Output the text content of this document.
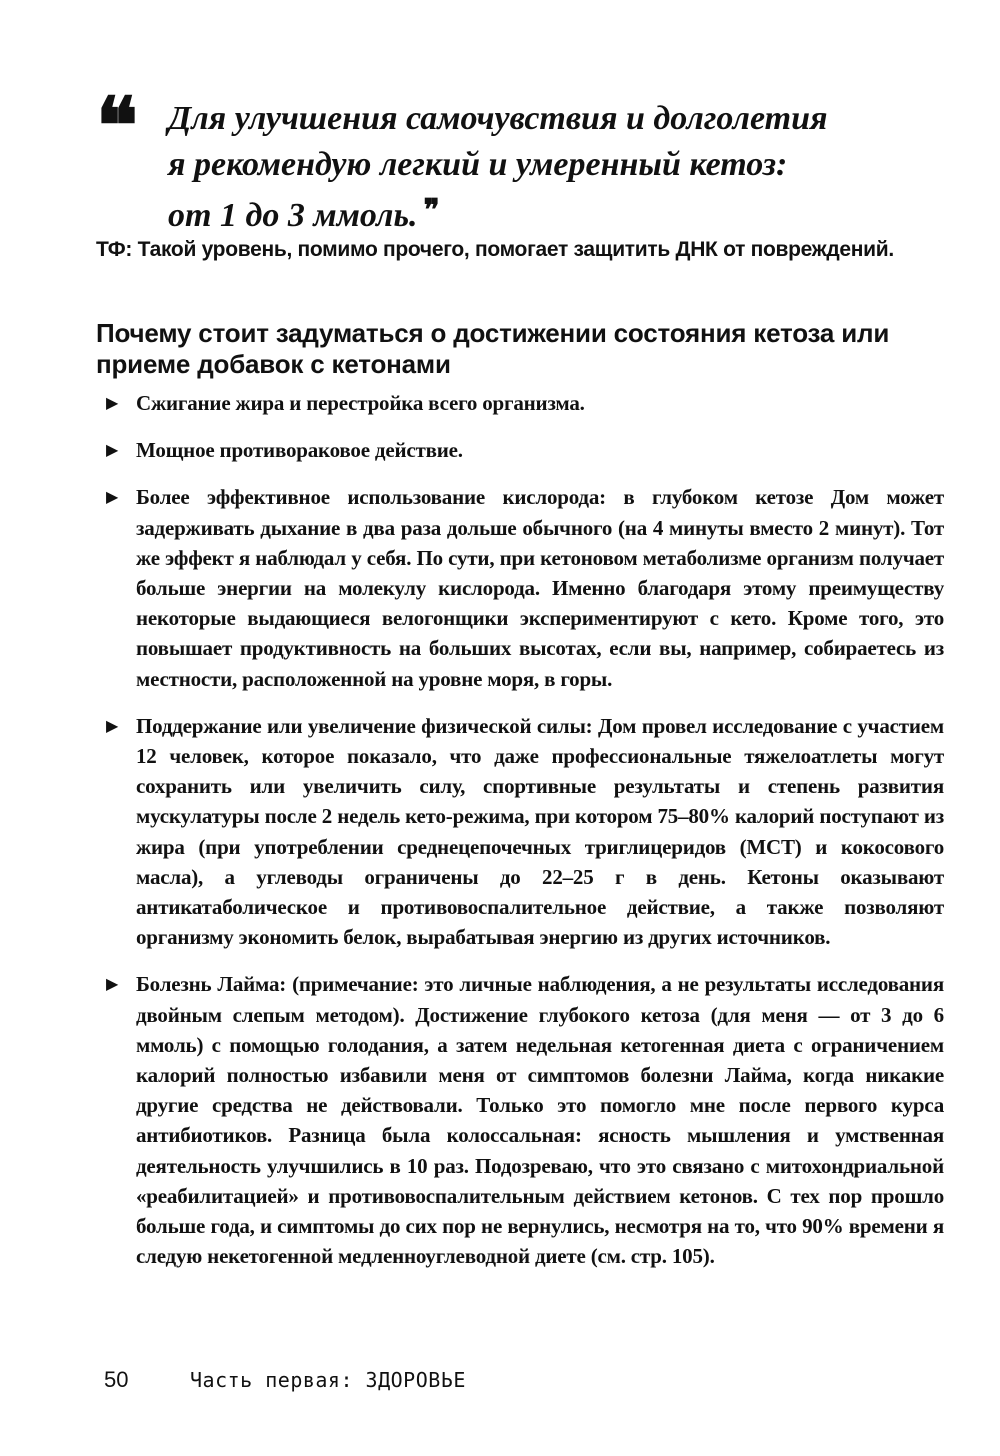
❝ Для улучшения самочувствия и долголетия
я рекомендую легкий и умеренный кетоз:
от 1 до 3 ммоль. ❞
ТФ: Такой уровень, помимо прочего, помогает защитить ДНК от повреждений.
Почему стоит задуматься о достижении состояния кетоза или приеме добавок с кетонами
▶ Сжигание жира и перестройка всего организма.
▶ Мощное противораковое действие.
▶ Более эффективное использование кислорода: в глубоком кетозе Дом может задерживать дыхание в два раза дольше обычного (на 4 минуты вместо 2 минут). Тот же эффект я наблюдал у себя. По сути, при кетоновом метаболизме организм получает больше энергии на молекулу кислорода. Именно благодаря этому преимуществу некоторые выдающиеся велогонщики экспериментируют с кето. Кроме того, это повышает продуктивность на больших высотах, если вы, например, собираетесь из местности, расположенной на уровне моря, в горы.
▶ Поддержание или увеличение физической силы: Дом провел исследование с участием 12 человек, которое показало, что даже профессиональные тяжелоатлеты могут сохранить или увеличить силу, спортивные результаты и степень развития мускулатуры после 2 недель кето-режима, при котором 75–80% калорий поступают из жира (при употреблении среднецепочечных триглицеридов (МСТ) и кокосового масла), а углеводы ограничены до 22–25 г в день. Кетоны оказывают антикатаболическое и противовоспалительное действие, а также позволяют организму экономить белок, вырабатывая энергию из других источников.
▶ Болезнь Лайма: (примечание: это личные наблюдения, а не результаты исследования двойным слепым методом). Достижение глубокого кетоза (для меня — от 3 до 6 ммоль) с помощью голодания, а затем недельная кетогенная диета с ограничением калорий полностью избавили меня от симптомов болезни Лайма, когда никакие другие средства не действовали. Только это помогло мне после первого курса антибиотиков. Разница была колоссальная: ясность мышления и умственная деятельность улучшились в 10 раз. Подозреваю, что это связано с митохондриальной «реабилитацией» и противовоспалительным действием кетонов. С тех пор прошло больше года, и симптомы до сих пор не вернулись, несмотря на то, что 90% времени я следую некетогенной медленноуглеводной диете (см. стр. 105).
50	Часть первая: ЗДОРОВЬЕ
